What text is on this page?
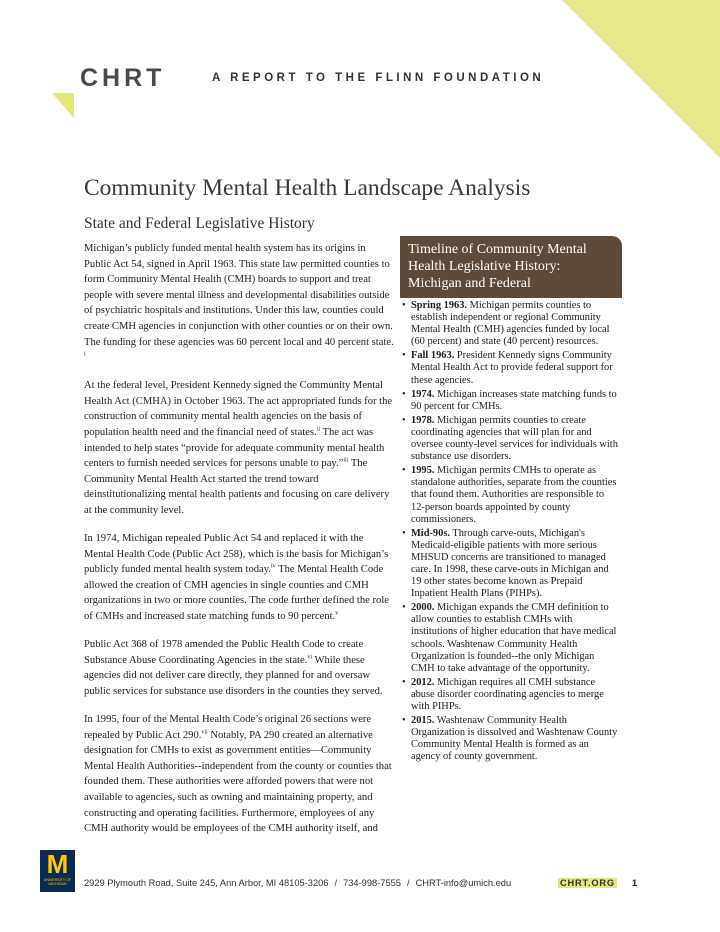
CHRT	A REPORT TO THE FLINN FOUNDATION
Community Mental Health Landscape Analysis
State and Federal Legislative History

Michigan’s publicly funded mental health system has its origins in Public Act 54, signed in April 1963. This state law permitted counties to form Community Mental Health (CMH) boards to support and treat people with severe mental illness and developmental disabilities outside of psychiatric hospitals and institutions. Under this law, counties could create CMH agencies in conjunction with other counties or on their own. The funding for these agencies was 60 percent local and 40 percent state. $^i$

At the federal level, President Kennedy signed the Community Mental Health Act (CMHA) in October 1963. The act appropriated funds for the construction of community mental health agencies on the basis of population health need and the financial need of states.$^{ii}$ The act was intended to help states “provide for adequate community mental health centers to furnish needed services for persons unable to pay.”$^{iii}$ The Community Mental Health Act started the trend toward deinstitutionalizing mental health patients and focusing on care delivery at the community level.

In 1974, Michigan repealed Public Act 54 and replaced it with the Mental Health Code (Public Act 258), which is the basis for Michigan’s publicly funded mental health system today.$^{iv}$ The Mental Health Code allowed the creation of CMH agencies in single counties and CMH organizations in two or more counties. The code further defined the role of CMHs and increased state matching funds to 90 percent.$^v$

Public Act 368 of 1978 amended the Public Health Code to create Substance Abuse Coordinating Agencies in the state.$^{vi}$ While these agencies did not deliver care directly, they planned for and oversaw public services for substance use disorders in the counties they served.

In 1995, four of the Mental Health Code’s original 26 sections were repealed by Public Act 290.$^{vii}$ Notably, PA 290 created an alternative designation for CMHs to exist as government entities—Community Mental Health Authorities--independent from the county or counties that founded them. These authorities were afforded powers that were not available to agencies, such as owning and maintaining property, and constructing and operating facilities. Furthermore, employees of any CMH authority would be employees of the CMH authority itself, and

Timeline of Community Mental Health Legislative History: Michigan and Federal
• Spring 1963. Michigan permits counties to establish independent or regional Community Mental Health (CMH) agencies funded by local (60 percent) and state (40 percent) resources.
• Fall 1963. President Kennedy signs Community Mental Health Act to provide federal support for these agencies.
• 1974. Michigan increases state matching funds to 90 percent for CMHs.
• 1978. Michigan permits counties to create coordinating agencies that will plan for and oversee county-level services for individuals with substance use disorders.
• 1995. Michigan permits CMHs to operate as standalone authorities, separate from the counties that found them. Authorities are responsible to 12-person boards appointed by county commissioners.
• Mid-90s. Through carve-outs, Michigan's Medicaid-eligible patients with more serious MHSUD concerns are transitioned to managed care. In 1998, these carve-outs in Michigan and 19 other states become known as Prepaid Inpatient Health Plans (PIHPs).
• 2000. Michigan expands the CMH definition to allow counties to establish CMHs with institutions of higher education that have medical schools. Washtenaw Community Health Organization is founded--the only Michigan CMH to take advantage of the opportunity.
• 2012. Michigan requires all CMH substance abuse disorder coordinating agencies to merge with PIHPs.
• 2015. Washtenaw Community Health Organization is dissolved and Washtenaw County Community Mental Health is formed as an agency of county government.
M
UNIVERSITY OF MICHIGAN	2929 Plymouth Road, Suite 245, Ann Arbor, MI 48105-3206 / 734-998-7555 / CHRT-info@umich.edu	CHRT.ORG 1
